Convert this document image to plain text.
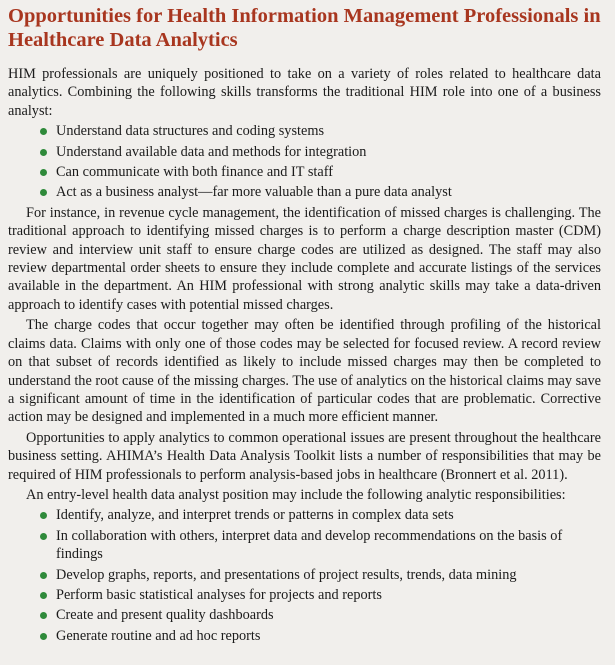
Opportunities for Health Information Management Professionals in
Healthcare Data Analytics

HIM professionals are uniquely positioned to take on a variety of roles related to healthcare data analytics. Combining the following skills transforms the traditional HIM role into one of a business analyst:

Understand data structures and coding systems
Understand available data and methods for integration
Can communicate with both finance and IT staff
Act as a business analyst—far more valuable than a pure data analyst

For instance, in revenue cycle management, the identification of missed charges is challenging. The traditional approach to identifying missed charges is to perform a charge description master (CDM) review and interview unit staff to ensure charge codes are utilized as designed. The staff may also review departmental order sheets to ensure they include complete and accurate listings of the services available in the department. An HIM professional with strong analytic skills may take a data-driven approach to identify cases with potential missed charges.

The charge codes that occur together may often be identified through profiling of the historical claims data. Claims with only one of those codes may be selected for focused review. A record review on that subset of records identified as likely to include missed charges may then be completed to understand the root cause of the missing charges. The use of analytics on the historical claims may save a significant amount of time in the identification of particular codes that are problematic. Corrective action may be designed and implemented in a much more efficient manner.

Opportunities to apply analytics to common operational issues are present throughout the healthcare business setting. AHIMA’s Health Data Analysis Toolkit lists a number of responsibilities that may be required of HIM professionals to perform analysis-based jobs in healthcare (Bronnert et al. 2011).

An entry-level health data analyst position may include the following analytic responsibilities:

Identify, analyze, and interpret trends or patterns in complex data sets
In collaboration with others, interpret data and develop recommendations on the basis of findings
Develop graphs, reports, and presentations of project results, trends, data mining
Perform basic statistical analyses for projects and reports
Create and present quality dashboards
Generate routine and ad hoc reports
